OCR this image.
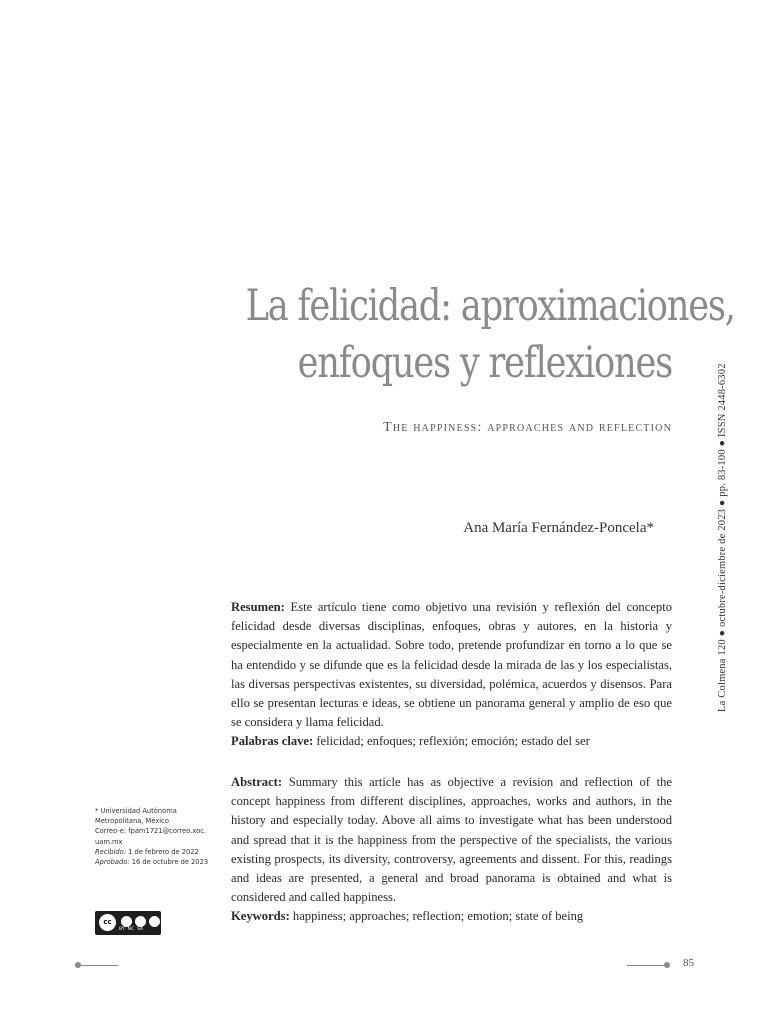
La felicidad: aproximaciones,
enfoques y reflexiones
The happiness: approaches and reflection
Ana María Fernández-Poncela*

Resumen: Este artículo tiene como objetivo una revisión y reflexión del concepto felicidad desde diversas disciplinas, enfoques, obras y autores, en la historia y especialmente en la actualidad. Sobre todo, pretende profundizar en torno a lo que se ha entendido y se difunde que es la felicidad desde la mirada de las y los especialistas, las diversas perspectivas existentes, su diversidad, polémica, acuerdos y disensos. Para ello se presentan lecturas e ideas, se obtiene un panorama general y amplio de eso que se considera y llama felicidad.

Palabras clave: felicidad; enfoques; reflexión; emoción; estado del ser

Abstract: Summary this article has as objective a revision and reflection of the concept happiness from different disciplines, approaches, works and authors, in the history and especially today. Above all aims to investigate what has been understood and spread that it is the happiness from the perspective of the specialists, the various existing prospects, its diversity, controversy, agreements and dissent. For this, readings and ideas are presented, a general and broad panorama is obtained and what is considered and called happiness.

Keywords: happiness; approaches; reflection; emotion; state of being

La Colmena 120 ● octubre-diciembre de 2023 ● pp. 83-100 ● ISSN 2448-6302
* Universidad Autónoma
Metropolitana, México
Correo-e: fpam1721@correo.xoc.
uam.mx
Recibido: 1 de febrero de 2022
Aprobado: 16 de octubre de 2023
cc
BY NC SA
85
